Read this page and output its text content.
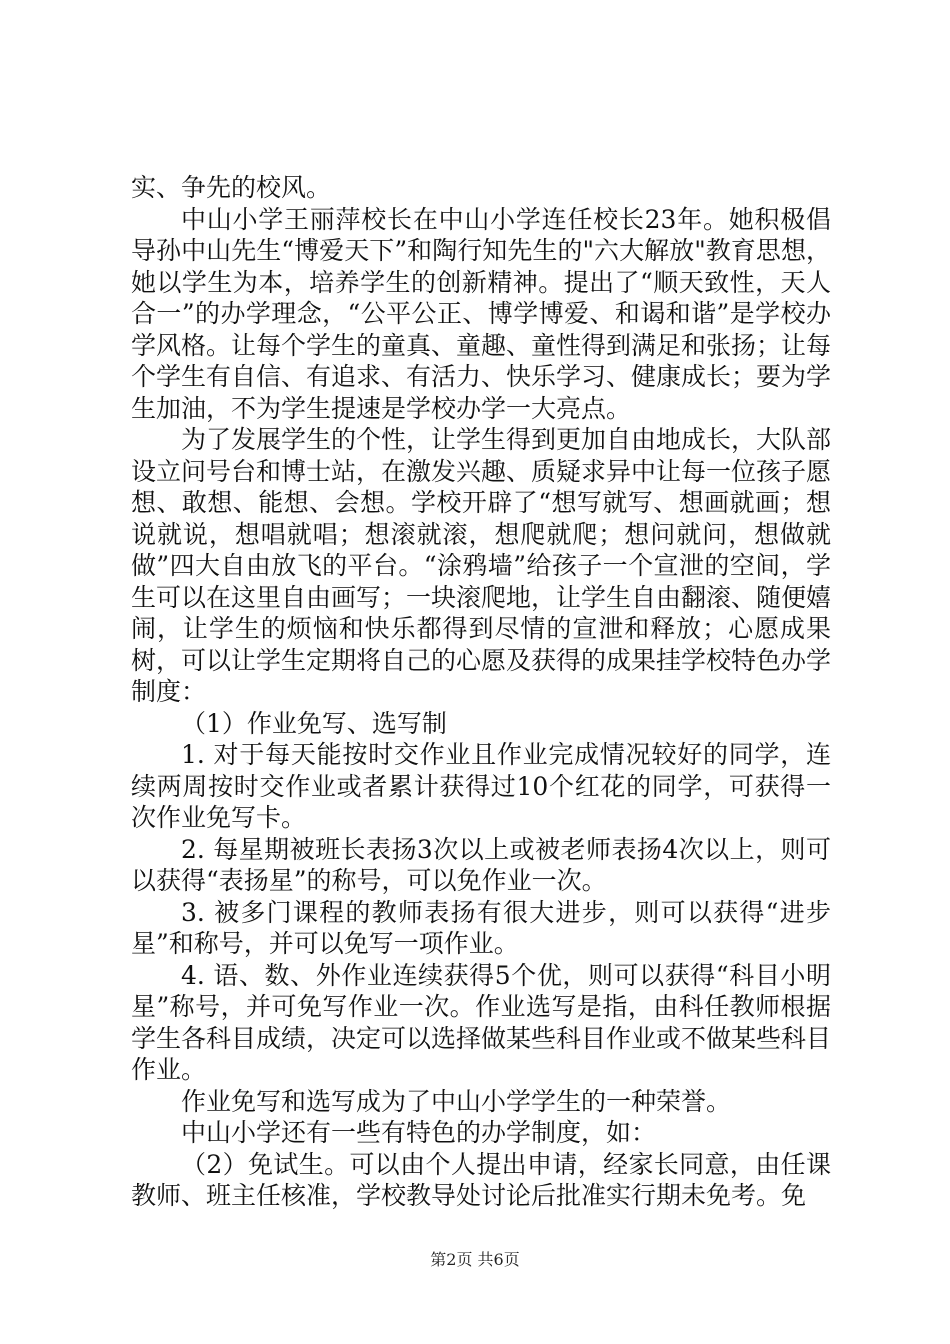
实、争先的校风。

中山小学王丽萍校长在中山小学连任校长23年。她积极倡导孙中山先生“博爱天下”和陶行知先生的"六大解放"教育思想，她以学生为本，培养学生的创新精神。提出了“顺天致性，天人合一”的办学理念，“公平公正、博学博爱、和谒和谐”是学校办学风格。让每个学生的童真、童趣、童性得到满足和张扬；让每个学生有自信、有追求、有活力、快乐学习、健康成长；要为学生加油，不为学生提速是学校办学一大亮点。

为了发展学生的个性，让学生得到更加自由地成长，大队部设立问号台和博士站，在激发兴趣、质疑求异中让每一位孩子愿想、敢想、能想、会想。学校开辟了“想写就写、想画就画；想说就说，想唱就唱；想滚就滚，想爬就爬；想问就问，想做就做”四大自由放飞的平台。“涂鸦墙”给孩子一个宣泄的空间，学生可以在这里自由画写；一块滚爬地，让学生自由翻滚、随便嬉闹，让学生的烦恼和快乐都得到尽情的宣泄和释放；心愿成果树，可以让学生定期将自己的心愿及获得的成果挂学校特色办学制度：

（1）作业免写、选写制

1. 对于每天能按时交作业且作业完成情况较好的同学，连续两周按时交作业或者累计获得过10个红花的同学，可获得一次作业免写卡。

2. 每星期被班长表扬3次以上或被老师表扬4次以上，则可以获得“表扬星”的称号，可以免作业一次。

3. 被多门课程的教师表扬有很大进步，则可以获得“进步星”和称号，并可以免写一项作业。

4. 语、数、外作业连续获得5个优，则可以获得“科目小明星”称号，并可免写作业一次。作业选写是指，由科任教师根据学生各科目成绩，决定可以选择做某些科目作业或不做某些科目作业。

作业免写和选写成为了中山小学学生的一种荣誉。

中山小学还有一些有特色的办学制度，如：

（2）免试生。可以由个人提出申请，经家长同意，由任课教师、班主任核准，学校教导处讨论后批准实行期未免考。免

第2页 共6页
